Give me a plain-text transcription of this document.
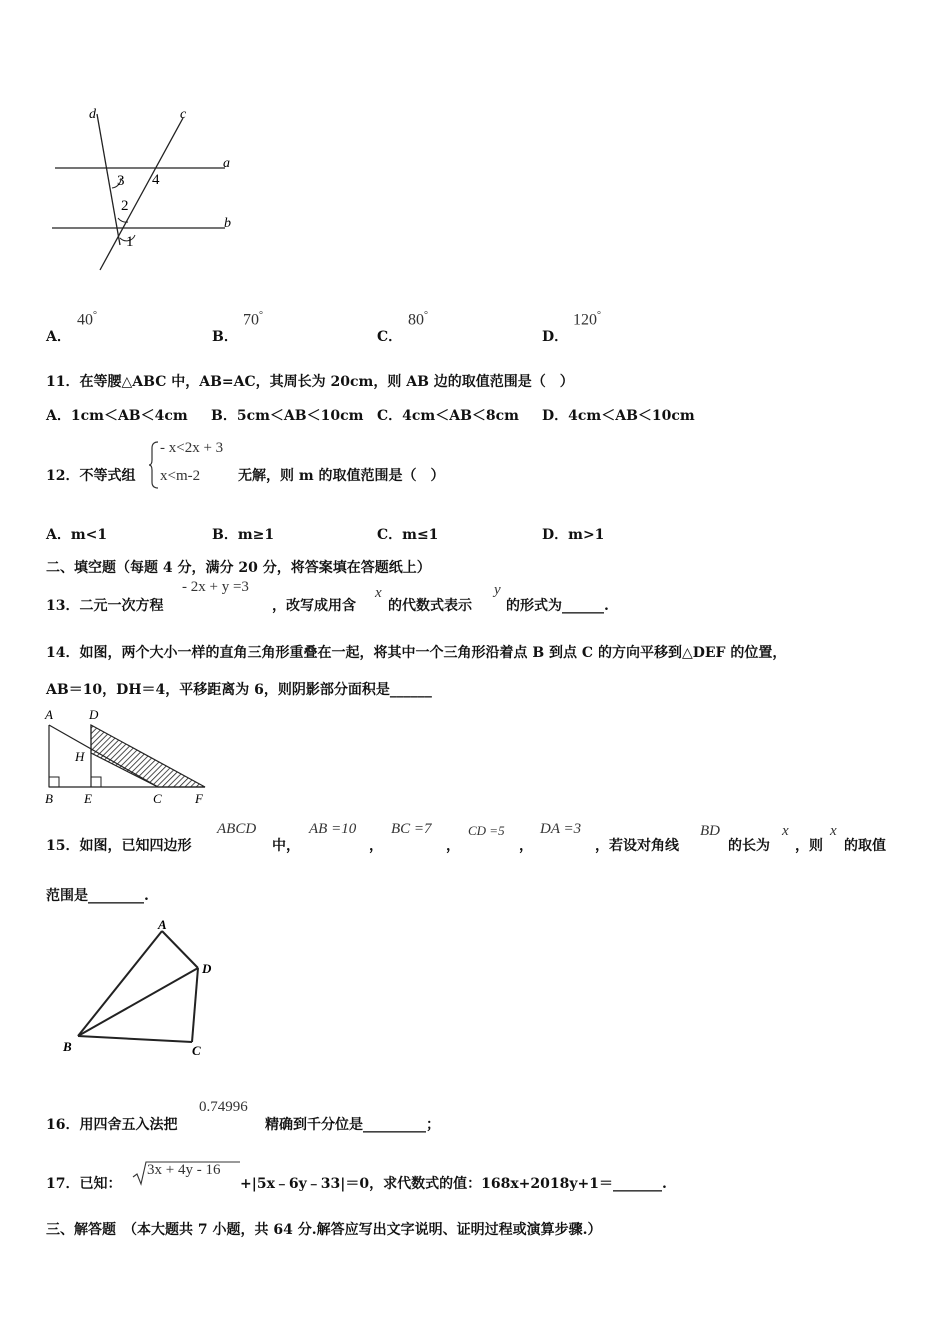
d	c
a
b
3 4
2
1
A．
40°
B．
70°
C．
80°
D．
120°
11．在等腰△ABC 中，AB=AC，其周长为 20cm，则 AB 边的取值范围是（　）
A．1cm＜AB＜4cm B．5cm＜AB＜10cm C．4cm＜AB＜8cm D．4cm＜AB＜10cm
12．不等式组
- x<2x + 3
x<m-2	无解，则 m 的取值范围是（　）
A．m<1	B．m≥1	C．m≤1	D．m>1
二、填空题（每题 4 分，满分 20 分，将答案填在答题纸上）
13．二元一次方程
- 2x + y =3
，改写成用含
x
的代数式表示
y
的形式为______.
14．如图，两个大小一样的直角三角形重叠在一起，将其中一个三角形沿着点 B 到点 C 的方向平移到△DEF 的位置，
AB＝10，DH＝4，平移距离为 6，则阴影部分面积是______
A	D
H
B E	C	F
15．如图，已知四边形
ABCD
中，
AB =10
，
BC =7
，
CD =5
，
DA =3
，若设对角线
BD
的长为
x
，则
x
的取值
范围是________.
A
D
B	C
16．用四舍五入法把
0.74996
精确到千分位是_________；
17．已知：
3x + 4y - 16
+|5x﹣6y﹣33|＝0，求代数式的值：168x+2018y+1＝_______.
三、解答题　（本大题共 7 小题，共 64 分.解答应写出文字说明、证明过程或演算步骤.）
